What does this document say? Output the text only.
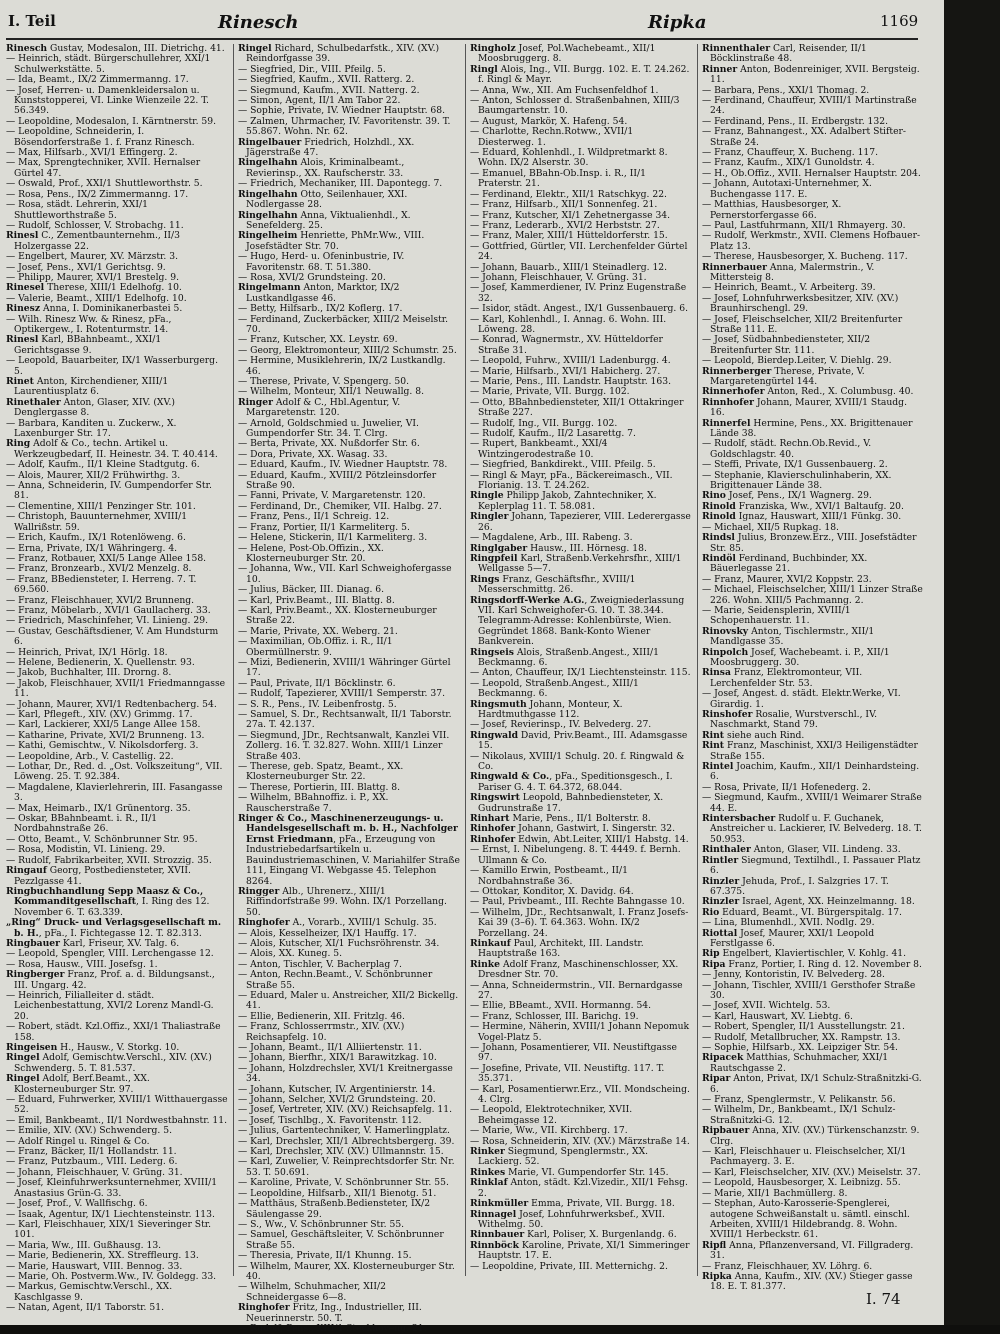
I. Teil	Rinesch	Ripka	1169

Rinesch Gustav, Modesalon, III. Dietrichg. 41.

— Heinrich, städt. Bürgerschullehrer, XXI/1 Schulwerkstätte. 5.

— Ida, Beamt., IX/2 Zimmermanng. 17.

— Josef, Herren- u. Damenkleidersalon u. Kunststopperei, VI. Linke Wienzeile 22. T. 56.349.

— Leopoldine, Modesalon, I. Kärntnerstr. 59.

— Leopoldine, Schneiderin, I. Bösendorferstraße 1. f. Franz Rinesch.

— Max, Hilfsarb., XVI/1 Effingerg. 2.

— Max, Sprengtechniker, XVII. Hernalser Gürtel 47.

— Oswald, Prof., XXI/1 Shuttleworthstr. 5.

— Rosa, Pens., IX/2 Zimmermanng. 17.

— Rosa, städt. Lehrerin, XXI/1 Shuttleworthstraße 5.

— Rudolf, Schlosser, V. Strobachg. 11.

Rinesl C., Zementbaunternehm., II/3 Holzergasse 22.

— Engelbert, Maurer, XV. Märzstr. 3.

— Josef, Pens., XVI/1 Gerichtsg. 9.

— Philipp, Maurer, XVI/1 Brestelg. 9.

Rinesel Therese, XIII/1 Edelhofg. 10.

— Valerie, Beamt., XIII/1 Edelhofg. 10.

Rinesz Anna, I. Dominikanerbastei 5.

— Wilh. Rinesz Ww. & Rinesz, pFa., Optikergew., I. Rotenturmstr. 14.

Rinesl Karl, BBahnbeamt., XXI/1 Gerichtsgasse 9.

— Leopold, Bauarbeiter, IX/1 Wasserburgerg. 5.

Rinet Anton, Kirchendiener, XIII/1 Laurentiusplatz 6.

Rinethaler Anton, Glaser, XIV. (XV.) Denglergasse 8.

— Barbara, Kanditen u. Zuckerw., X. Laxenburger Str. 17.

Ring Adolf & Co., techn. Artikel u. Werkzeugbedarf, II. Heinestr. 34. T. 40.414.

— Adolf, Kaufm., II/1 Kleine Stadtgutg. 6.

— Alois, Maurer, XII/2 Frühwirthg. 3.

— Anna, Schneiderin, IV. Gumpendorfer Str. 81.

— Clementine, XIII/1 Penzinger Str. 101.

— Christoph, Bauunternehmer, XVIII/1 Wallrißstr. 59.

— Erich, Kaufm., IX/1 Rotenlöweng. 6.

— Erna, Private, IX/1 Währingerg. 4.

— Franz, Rotbauer, XXI/5 Lange Allee 158.

— Franz, Bronzearb., XVI/2 Menzelg. 8.

— Franz, BBediensteter, I. Herreng. 7. T. 69.560.

— Franz, Fleischhauer, XVI/2 Brunneng.

— Franz, Möbelarb., XVI/1 Gaullacherg. 33.

— Friedrich, Maschinfeher, VI. Linieng. 29.

— Gustav, Geschäftsdiener, V. Am Hundsturm 6.

— Heinrich, Privat, IX/1 Hörlg. 18.

— Helene, Bedienerin, X. Quellenstr. 93.

— Jakob, Buchhalter, III. Drorng. 8.

— Jakob, Fleischhauer, XVII/1 Friedmanngasse 11.

— Johann, Maurer, XVI/1 Redtenbacherg. 54.

— Karl, Pflegeft., XIV. (XV.) Grimmg. 17.

— Karl, Lackierer, XXI/5 Lange Allee 158.

— Katharine, Private, XVI/2 Brunneng. 13.

— Kathi, Gemischtw., V. Nikolsdorferg. 3.

— Leopoldine, Arb., V. Castellig. 22.

— Lothar, Dr., Red. d. „Ost. Volkszeitung“, VII. Löweng. 25. T. 92.384.

— Magdalene, Klavierlehrerin, III. Fasangasse 3.

— Max, Heimarb., IX/1 Grünentorg. 35.

— Oskar, BBahnbeamt. i. R., II/1 Nordbahnstraße 26.

— Otto, Beamt., V. Schönbrunner Str. 95.

— Rosa, Modistin, VI. Linieng. 29.

— Rudolf, Fabrikarbeiter, XVII. Strozzig. 35.

Ringauf Georg, Postbediensteter, XVII. Pezzlgasse 41.

Ringbuchhandlung Sepp Maasz & Co., Kommanditgesellschaft, I. Ring des 12. November 6. T. 63.339.

„Ring“ Druck- und Verlagsgesellschaft m. b. H., pFa., I. Fichtegasse 12. T. 82.313.

Ringbauer Karl, Friseur, XV. Talg. 6.

— Leopold, Spengler, VIII. Lerchengasse 12.

— Rosa, Hausw., VIII. Josefsg. 1.

Ringberger Franz, Prof. a. d. Bildungsanst., III. Ungarg. 42.

— Heinrich, Filialleiter d. städt. Leichenbestattung, XVI/2 Lorenz Mandl-G. 20.

— Robert, städt. Kzl.Offiz., XXI/1 Thaliastraße 158.

Ringeisen H., Hausw., V. Storkg. 10.

Ringel Adolf, Gemischtw.Verschl., XIV. (XV.) Schwenderg. 5. T. 81.537.

Ringel Adolf, Berf.Beamt., XX. Klosterneuburger Str. 97.

— Eduard, Fuhrwerker, XVIII/1 Witthauergasse 52.

— Emil, Bankbeamt., II/1 Nordwestbahnstr. 11.

— Emilie, XIV. (XV.) Schwenderg. 5.

— Adolf Ringel u. Ringel & Co.

— Franz, Bäcker, II/1 Hollandstr. 11.

— Franz, Putzbaum., VIII. Lederg. 6.

— Johann, Fleischhauer, V. Grüng. 31.

— Josef, Kleinfuhrwerksunternehmer, XVIII/1 Anastasius Grün-G. 33.

— Josef, Prof., V. Wallfischg. 6.

— Isaak, Agentur, IX/1 Liechtensteinstr. 113.

— Karl, Fleischhauer, XIX/1 Sieveringer Str. 101.

— Maria, Ww., III. Gußhausg. 13.

— Marie, Bedienerin, XX. Streffleurg. 13.

— Marie, Hauswart, VIII. Bennog. 33.

— Marie, Oh. Postverm.Ww., IV. Goldegg. 33.

— Markus, Gemischtw.Verschl., XX. Kaschlgasse 9.

— Natan, Agent, II/1 Taborstr. 51.

Ringel Richard, Schulbedarfstk., XIV. (XV.) Reindorfgasse 39.

— Siegfried, Dir., VIII. Pfeilg. 5.

— Siegfried, Kaufm., XVII. Ratterg. 2.

— Siegmund, Kaufm., XVII. Natterg. 2.

— Simon, Agent, II/1 Am Tabor 22.

— Sophie, Private, IV. Wiedner Hauptstr. 68.

— Zalmen, Uhrmacher, IV. Favoritenstr. 39. T. 55.867. Wohn. Nr. 62.

Ringelbauer Friedrich, Holzhdl., XX. Jägerstraße 47.

Ringelhahn Alois, Kriminalbeamt., Revierinsp., XX. Raufscherstr. 33.

— Friedrich, Mechaniker, III. Dapontegg. 7.

Ringelhahn Otto, Seilenhauer, XXI. Nodlergasse 28.

Ringelhahn Anna, Viktualienhdl., X. Senefelderg. 25.

Ringelheim Henriette, PhMr.Ww., VIII. Josefstädter Str. 70.

— Hugo, Herd- u. Ofeninbustrie, IV. Favoritenstr. 68. T. 51.380.

— Rosa, XVI/2 Grundsteing. 20.

Ringelmann Anton, Marktor, IX/2 Lustkandlgasse 46.

— Betty, Hilfsarb., IX/2 Koflerg. 17.

— Ferdinand, Zuckerbäcker, XIII/2 Meiselstr. 70.

— Franz, Kutscher, XX. Leystr. 69.

— Georg, Elektromonteur, XIII/2 Schumstr. 25.

— Hermine, Musiklehrerin, IX/2 Lustkandlg. 46.

— Therese, Private, V. Spengerg. 50.

— Wilhelm, Monteur, XII/1 Neuwallg. 8.

Ringer Adolf & C., Hbl.Agentur, V. Margaretenstr. 120.

— Arnold, Goldschmied u. Juwelier, VI. Gumpendorfer Str. 34. T. Clrg.

— Berta, Private, XX. Nußdorfer Str. 6.

— Dora, Private, XX. Wasag. 33.

— Eduard, Kaufm., IV. Wiedner Hauptstr. 78.

— Eduard, Kaufm., XVIII/2 Pötzleinsdorfer Straße 90.

— Fanni, Private, V. Margaretenstr. 120.

— Ferdinand, Dr., Chemiker, VII. Halbg. 27.

— Franz, Pens., II/1 Schreig. 12.

— Franz, Portier, II/1 Karmeliterg. 5.

— Helene, Stickerin, II/1 Karmeliterg. 3.

— Helene, Post-Ob.Offizin., XX. Klosterneuburger Str. 20.

— Johanna, Ww., VII. Karl Schweighofergasse 10.

— Julius, Bäcker, III. Dianag. 6.

— Karl, Priv.Beamt., III. Blattg. 8.

— Karl, Priv.Beamt., XX. Klosterneuburger Straße 22.

— Marie, Private, XX. Weberg. 21.

— Maximilian, Ob.Offiz. i. R., II/1 Obermüllnerstr. 9.

— Mizi, Bedienerin, XVIII/1 Währinger Gürtel 17.

— Paul, Private, II/1 Böcklinstr. 6.

— Rudolf, Tapezierer, XVIII/1 Semperstr. 37.

— S. R., Pens., IV. Leibenfrostg. 5.

— Samuel, S. Dr., Rechtsanwalt, II/1 Taborstr. 27a. T. 42.137.

— Siegmund, JDr., Rechtsanwalt, Kanzlei VII. Zollerg. 16. T. 32.827. Wohn. XIII/1 Linzer Straße 403.

— Therese, geb. Spatz, Beamt., XX. Klosterneuburger Str. 22.

— Therese, Portierin, III. Blattg. 8.

— Wilhelm, BBahnoffiz. i. P., XX. Rauscherstraße 7.

Ringer & Co., Maschinenerzeugungs- u. Handelsgesellschaft m. b. H., Nachfolger Ernst Friedmann, pFa., Erzeugung von Industriebedarfsartikeln u. Bauindustriemaschinen, V. Mariahilfer Straße 111, Eingang VI. Webgasse 45. Telephon 8264.

Ringger Alb., Uhrenerz., XIII/1 Riffindorfstraße 99. Wohn. IX/1 Porzellang. 50.

Ringhofer A., Vorarb., XVIII/1 Schulg. 35.

— Alois, Kesselheizer, IX/1 Hauffg. 17.

— Alois, Kutscher, XI/1 Fuchsröhrenstr. 34.

— Alois, XX. Kuneg. 5.

— Anton, Tischler, V. Bacherplag 7.

— Anton, Rechn.Beamt., V. Schönbrunner Straße 55.

— Eduard, Maler u. Anstreicher, XII/2 Bickellg. 41.

— Ellie, Bedienerin, XII. Fritzlg. 46.

— Franz, Schlosserrmstr., XIV. (XV.) Reichsapfelg. 10.

— Johann, Beamt., II/1 Alliiertenstr. 11.

— Johann, Bierfhr., XIX/1 Barawitzkag. 10.

— Johann, Holzdrechsler, XVI/1 Kreitnergasse 34.

— Johann, Kutscher, IV. Argentinierstr. 14.

— Johann, Selcher, XVI/2 Grundsteing. 20.

— Josef, Vertreter, XIV. (XV.) Reichsapfelg. 11.

— Josef, Tischlbg., X. Favoritenstr. 112.

— Julius, Gartentechniker, V. Hamerlingplatz.

— Karl, Drechsler, XII/1 Albrechtsbergerg. 39.

— Karl, Drechsler, XIV. (XV.) Ullmannstr. 15.

— Karl, Zuwelier, V. Reinprechtsdorfer Str. Nr. 53. T. 50.691.

— Karoline, Private, V. Schönbrunner Str. 55.

— Leopoldine, Hilfsarb., XII/1 Bienotg. 51.

— Matthäus, Straßenb.Bediensteter, IX/2 Säulengasse 29.

— S., Ww., V. Schönbrunner Str. 55.

— Samuel, Geschäftsleiter, V. Schönbrunner Straße 55.

— Theresia, Private, II/1 Khunng. 15.

— Wilhelm, Maurer, XX. Klosterneuburger Str. 40.

— Wilhelm, Schuhmacher, XII/2 Schneidergasse 6—8.

Ringhofer Fritz, Ing., Industrieller, III. Neuerinnerstr. 50. T.

— Rudolf, Pens., XIII/1 Steckhoveng. 21.

Ringholz Josef, Pol.Wachebeamt., XII/1 Moosbruggerg. 8.

Ringl Alois, Ing., VII. Burgg. 102. E. T. 24.262. f. Ringl & Mayr.

— Anna, Ww., XII. Am Fuchsenfeldhof 1.

— Anton, Schlosser d. Straßenbahnen, XIII/3 Baumgartenstr. 10.

— August, Markör, X. Hafeng. 54.

— Charlotte, Rechn.Rotww., XVII/1 Diesterweg. 1.

— Eduard, Kohlenhdl., I. Wildpretmarkt 8. Wohn. IX/2 Alserstr. 30.

— Emanuel, BBahn-Ob.Insp. i. R., II/1 Praterstr. 21.

— Ferdinand, Elektr., XII/1 Ratschkyg. 22.

— Franz, Hilfsarb., XII/1 Sonnenfeg. 21.

— Franz, Kutscher, XI/1 Zehetnergasse 34.

— Franz, Lederarb., XVI/2 Herbststr. 27.

— Franz, Maler, XIII/1 Hütteldorferstr. 15.

— Gottfried, Gürtler, VII. Lerchenfelder Gürtel 24.

— Johann, Bauarb., XIII/1 Steinadlerg. 12.

— Johann, Fleischhauer, V. Grüng. 31.

— Josef, Kammerdiener, IV. Prinz Eugenstraße 32.

— Isidor, städt. Angest., IX/1 Gussenbauerg. 6.

— Karl, Kohlenhdl., I. Annag. 6. Wohn. III. Löweng. 28.

— Konrad, Wagnermstr., XV. Hütteldorfer Straße 31.

— Leopold, Fuhrw., XVIII/1 Ladenburgg. 4.

— Marie, Hilfsarb., XVI/1 Habicherg. 27.

— Marie, Pens., III. Landstr. Hauptstr. 163.

— Marie, Private, VII. Burgg. 102.

— Otto, BBahnbediensteter, XII/1 Ottakringer Straße 227.

— Rudolf, Ing., VII. Burgg. 102.

— Rudolf, Kaufm., II/2 Lasarettg. 7.

— Rupert, Bankbeamt., XXI/4 Wintzingerodestraße 10.

— Siegfried, Bankdirekt., VIII. Pfeilg. 5.

— Ringl & Mayr, pFa., Bäckereimasch., VII. Florianig. 13. T. 24.262.

Ringle Philipp Jakob, Zahntechniker, X. Keplerplag 11. T. 58.081.

Ringler Johann, Tapezierer, VIII. Lederergasse 26.

— Magdalene, Arb., III. Rabeng. 3.

Ringlgaber Hausw., III. Hörnesg. 18.

Ringpfeil Karl, Straßenb.Verkehrsfhr., XIII/1 Wellgasse 5—7.

Rings Franz, Geschäftsfhr., XVIII/1 Messerschmittg. 26.

Ringsdorff-Werke A.G., Zweigniederlassung VII. Karl Schweighofer-G. 10. T. 38.344. Telegramm-Adresse: Kohlenbürste, Wien. Gegründet 1868. Bank-Konto Wiener Bankverein.

Ringseis Alois, Straßenb.Angest., XIII/1 Beckmanng. 6.

— Anton, Chauffeur, IX/1 Liechtensteinstr. 115.

— Leopold, Straßenb.Angest., XIII/1 Beckmanng. 6.

Ringsmuth Johann, Monteur, X. Hardtmuthgasse 112.

— Josef, Revierinsp., IV. Belvederg. 27.

Ringwald David, Priv.Beamt., III. Adamsgasse 15.

— Nikolaus, XVIII/1 Schulg. 20. f. Ringwald & Co.

Ringwald & Co., pFa., Speditionsgesch., I. Pariser G. 4. T. 64.372, 68.044.

Ringswirt Leopold, Bahnbediensteter, X. Gudrunstraße 17.

Rinhart Marie, Pens., II/1 Bolterstr. 8.

Rinhofer Johann, Gastwirt, I. Singerstr. 32.

Rinhofer Edwin, Abt.Leiter, XIII/1 Habstg. 14.

— Ernst, I. Nibelungeng. 8. T. 4449. f. Bernh. Ullmann & Co.

— Kamillo Erwin, Postbeamt., II/1 Nordbahnstraße 36.

— Ottokar, Konditor, X. Davidg. 64.

— Paul, Privbeamt., III. Rechte Bahngasse 10.

— Wilhelm, JDr., Rechtsanwalt, I. Franz Josefs-Kai 39 (3–6). T. 64.363. Wohn. IX/2 Porzellang. 24.

Rinkauf Paul, Architekt, III. Landstr. Hauptstraße 163.

Rinke Adolf Franz, Maschinenschlosser, XX. Dresdner Str. 70.

— Anna, Schneidermstrin., VII. Bernardgasse 27.

— Ellie, BBeamt., XVII. Hormanng. 54.

— Franz, Schlosser, III. Barichg. 19.

— Hermine, Näherin, XVIII/1 Johann Nepomuk Vogel-Platz 5.

— Johann, Posamentierer, VII. Neustiftgasse 97.

— Josefine, Private, VII. Neustiftg. 117. T. 35.371.

— Karl, Posamentierwr.Erz., VII. Mondscheing. 4. Clrg.

— Leopold, Elektrotechniker, XVII. Beheimgasse 12.

— Marie, Ww., VII. Kirchberg. 17.

— Rosa, Schneiderin, XIV. (XV.) Märzstraße 14.

Rinker Siegmund, Spenglermstr., XX. Lackierg. 52.

Rinkes Marie, VI. Gumpendorfer Str. 145.

Rinklaf Anton, städt. Kzl.Vizedir., XII/1 Fehsg. 2.

Rinkmüller Emma, Private, VII. Burgg. 18.

Rinnagel Josef, Lohnfuhrwerksbef., XVII. Withelmg. 50.

Rinnbauer Karl, Poliser, X. Burgenlandg. 6.

Rinnböck Karoline, Private, XI/1 Simmeringer Hauptstr. 17. E.

— Leopoldine, Private, III. Metternichg. 2.

Rinnenthaler Carl, Reisender, II/1 Böcklinstraße 48.

Rinner Anton, Bodenreiniger, XVII. Bergsteig. 11.

— Barbara, Pens., XXI/1 Thomag. 2.

— Ferdinand, Chauffeur, XVIII/1 Martinstraße 24.

— Ferdinand, Pens., II. Erdbergstr. 132.

— Franz, Bahnangest., XX. Adalbert Stifter-Straße 24.

— Franz, Chauffeur, X. Bucheng. 117.

— Franz, Kaufm., XIX/1 Gunoldstr. 4.

— H., Ob.Offiz., XVII. Hernalser Hauptstr. 204.

— Johann, Autotaxi-Unternehmer, X. Buchengasse 117. E.

— Matthias, Hausbesorger, X. Pernerstorfergasse 66.

— Paul, Lastfuhrmann, XII/1 Rhmayerg. 30.

— Rudolf, Werkmstr., XVII. Clemens Hofbauer-Platz 13.

— Therese, Hausbesorger, X. Bucheng. 117.

Rinnerbauer Anna, Malermstrin., V. Mittersteig 8.

— Heinrich, Beamt., V. Arbeiterg. 39.

— Josef, Lohnfuhrwerksbesitzer, XIV. (XV.) Braunhirschengl. 29.

— Josef, Fleischselcher, XII/2 Breitenfurter Straße 111. E.

— Josef, Südbahnbediensteter, XII/2 Breitenfurter Str. 111.

— Leopold, Bierdep.Leiter, V. Diehlg. 29.

Rinnerberger Therese, Private, V. Margaretengürtel 144.

Rinnerhofer Anton, Red., X. Columbusg. 40.

Rinnhofer Johann, Maurer, XVIII/1 Staudg. 16.

Rinnerfel Hermine, Pens., XX. Brigittenauer Lände 38.

— Rudolf, städt. Rechn.Ob.Revid., V. Goldschlagstr. 40.

— Steffi, Private, IX/1 Gussenbauerg. 2.

— Stephanie, Klavierschulinhaberin, XX. Brigittenauer Lände 38.

Rino Josef, Pens., IX/1 Wagnerg. 29.

Rinold Franziska, Ww., XVI/1 Baltaufg. 20.

Rinold Ignaz, Hauswart, XIII/1 Fünkg. 30.

— Michael, XII/5 Rupkag. 18.

Rindsl Julius, Bronzew.Erz., VIII. Josefstädter Str. 85.

Rindöl Ferdinand, Buchbinder, XX. Bäuerlegasse 21.

— Franz, Maurer, XVI/2 Koppstr. 23.

— Michael, Fleischselcher, XIII/1 Linzer Straße 226. Wohn. XIII/5 Pachmanng. 2.

— Marie, Seidensplerin, XVIII/1 Schopenhauerstr. 11.

Rinovsky Anton, Tischlermstr., XII/1 Mandlgasse 35.

Rinpolch Josef, Wachebeamt. i. P., XII/1 Moosbruggerg. 30.

Rinsa Franz, Elektromonteur, VII. Lerchenfelder Str. 53.

— Josef, Angest. d. städt. Elektr.Werke, VI. Girardig. 1.

Rinshofer Rosalie, Wurstverschl., IV. Naschmarkt, Stand 79.

Rint siehe auch Rind.

Rint Franz, Maschinist, XXI/3 Heiligenstädter Straße 155.

Rintel Joachim, Kaufm., XII/1 Deinhardsteing. 6.

— Rosa, Private, II/1 Hofenederg. 2.

— Siegmund, Kaufm., XVIII/1 Weimarer Straße 44. E.

Rintersbacher Rudolf u. F. Guchanek, Anstreicher u. Lackierer, IV. Belvederg. 18. T. 50.953.

Rinthaler Anton, Glaser, VII. Lindeng. 33.

Rintler Siegmund, Textilhdl., I. Passauer Platz 6.

Rinzler Jehuda, Prof., I. Salzgries 17. T. 67.375.

Rinzler Israel, Agent, XX. Heinzelmanng. 18.

Rio Eduard, Beamt., VI. Bürgerspitalg. 17.

— Lina, Blumenhdl., XVII. Nodlg. 29.

Riottal Josef, Maurer, XXI/1 Leopold Ferstlgasse 6.

Rip Engelbert, Klaviertischler, V. Kohlg. 41.

Ripa Franz, Portier, I. Ring d. 12. November 8.

— Jenny, Kontoristin, IV. Belvederg. 28.

— Johann, Tischler, XVIII/1 Gersthofer Straße 30.

— Josef, XVII. Wichtelg. 53.

— Karl, Hauswart, XV. Liebtg. 6.

— Robert, Spengler, II/1 Ausstellungstr. 21.

— Rudolf, Metallbrucher, XX. Rampstr. 13.

— Sophie, Hilfsarb., XX. Leipziger Str. 54.

Ripacek Matthias, Schuhmacher, XXI/1 Rautschgasse 2.

Ripar Anton, Privat, IX/1 Schulz-Straßnitzki-G. 6.

— Franz, Spenglermstr., V. Pelikanstr. 56.

— Wilhelm, Dr., Bankbeamt., IX/1 Schulz-Straßnitzki-G. 12.

Ripbauer Anna, XIV. (XV.) Türkenschanzstr. 9. Clrg.

— Karl, Fleischhauer u. Fleischselcher, XI/1 Pachmayerg. 3. E.

— Karl, Fleischselcher, XIV. (XV.) Meiselstr. 37.

— Leopold, Hausbesorger, X. Leibnizg. 55.

— Marie, XII/1 Bachmüllerg. 8.

— Stephan, Auto-Karosserie-Spenglerei, autogene Schweißanstalt u. sämtl. einschl. Arbeiten, XVIII/1 Hildebrandg. 8. Wohn. XVIII/1 Herbeckstr. 61.

Ripfl Anna, Pflanzenversand, VI. Fillgraderg. 31.

— Franz, Fleischhauer, XV. Löhrg. 6.

Ripka Anna, Kaufm., XIV. (XV.) Stieger gasse 18. E. T. 81.377.

I. 74
